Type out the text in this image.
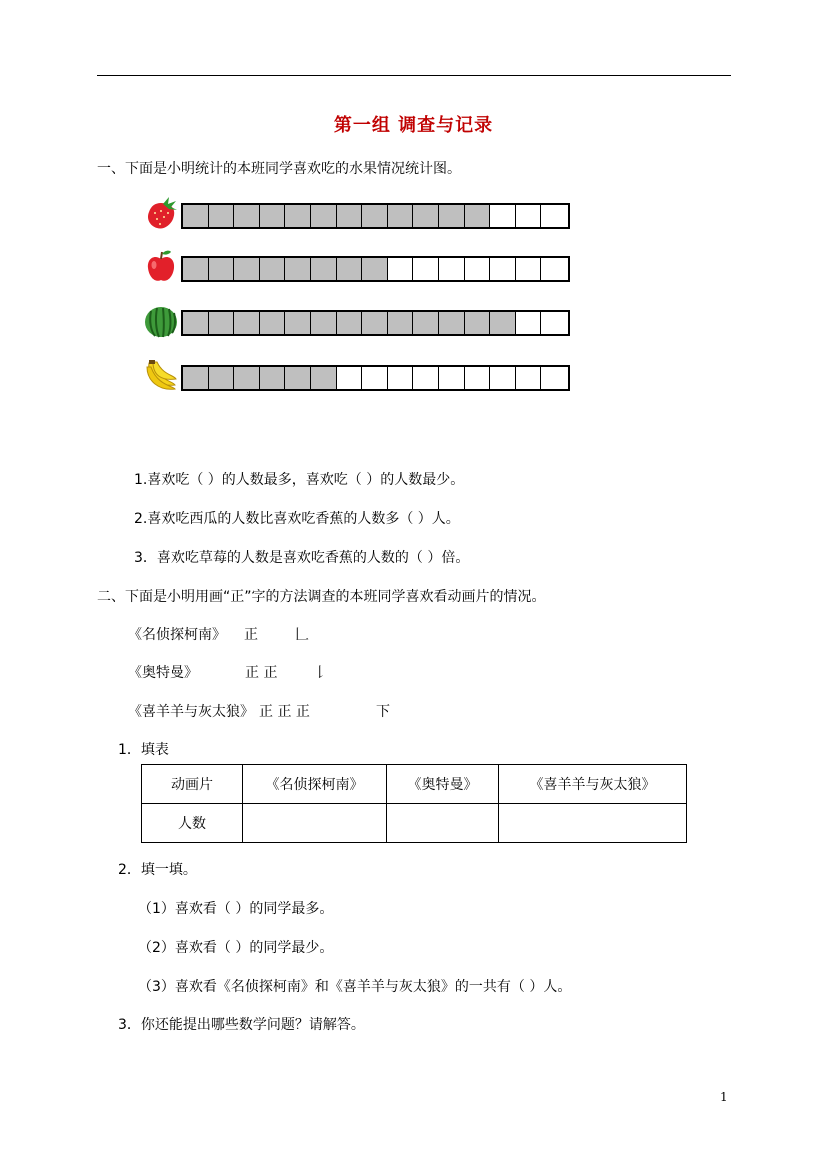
第一组 调查与记录
一、下面是小明统计的本班同学喜欢吃的水果情况统计图。
1.喜欢吃（ ）的人数最多，喜欢吃（ ）的人数最少。
2.喜欢吃西瓜的人数比喜欢吃香蕉的人数多（ ）人。
3．喜欢吃草莓的人数是喜欢吃香蕉的人数的（ ）倍。
二、下面是小明用画“正”字的方法调查的本班同学喜欢看动画片的情况。
《名侦探柯南》 正	𠃊
《奥特曼》	正 正	𠄌
《喜羊羊与灰太狼》 正 正 正	下
1．填表
动画片	《名侦探柯南》	《奥特曼》	《喜羊羊与灰太狼》
人数			
2．填一填。
（1）喜欢看（ ）的同学最多。
（2）喜欢看（ ）的同学最少。
（3）喜欢看《名侦探柯南》和《喜羊羊与灰太狼》的一共有（ ）人。
3．你还能提出哪些数学问题？请解答。
1
